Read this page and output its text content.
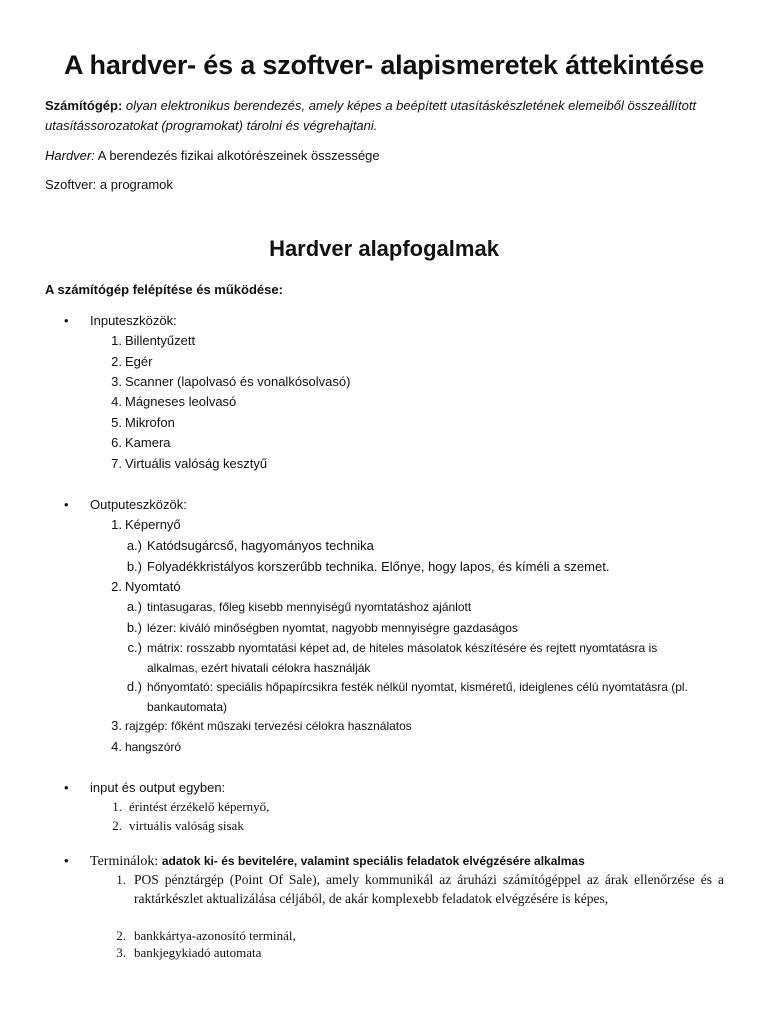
A hardver- és a szoftver- alapismeretek áttekintése
Számítógép: olyan elektronikus berendezés, amely képes a beépített utasításkészletének elemeiből összeállított utasítássorozatokat (programokat) tárolni és végrehajtani.
Hardver: A berendezés fizikai alkotórészeinek összessége
Szoftver: a programok
Hardver alapfogalmak
A számítógép felépítése és működése:
• Inputeszközök:
1. Billentyűzett
2. Egér
3. Scanner (lapolvasó és vonalkósolvasó)
4. Mágneses leolvasó
5. Mikrofon
6. Kamera
7. Virtuális valóság kesztyű
• Outputeszközök:
1. Képernyő
a.) Katódsugárcső, hagyományos technika
b.) Folyadékkristályos korszerűbb technika. Előnye, hogy lapos, és kíméli a szemet.
2. Nyomtató
a.) tintasugaras, főleg kisebb mennyiségű nyomtatáshoz ajánlott
b.) lézer: kiváló minőségben nyomtat, nagyobb mennyiségre gazdaságos
c.) mátrix: rosszabb nyomtatási képet ad, de hiteles másolatok készítésére és rejtett nyomtatásra is alkalmas, ezért hivatali célokra használják
d.) hőnyomtató: speciális hőpapírcsikra festék nélkül nyomtat, kisméretű, ideiglenes célú nyomtatásra (pl. bankautomata)
3. rajzgép: főként műszaki tervezési célokra használatos
4. hangszóró
• input és output egyben:
1. érintést érzékelő képernyő,
2. virtuális valóság sisak
• Terminálok: adatok ki- és bevitelére, valamint speciális feladatok elvégzésére alkalmas
1. POS pénztárgép (Point Of Sale), amely kommunikál az áruházi számítógéppel az árak ellenőrzése és a raktárkészlet aktualizálása céljából, de akár komplexebb feladatok elvégzésére is képes,
2. bankkártya-azonosító terminál,
3. bankjegykiadó automata
